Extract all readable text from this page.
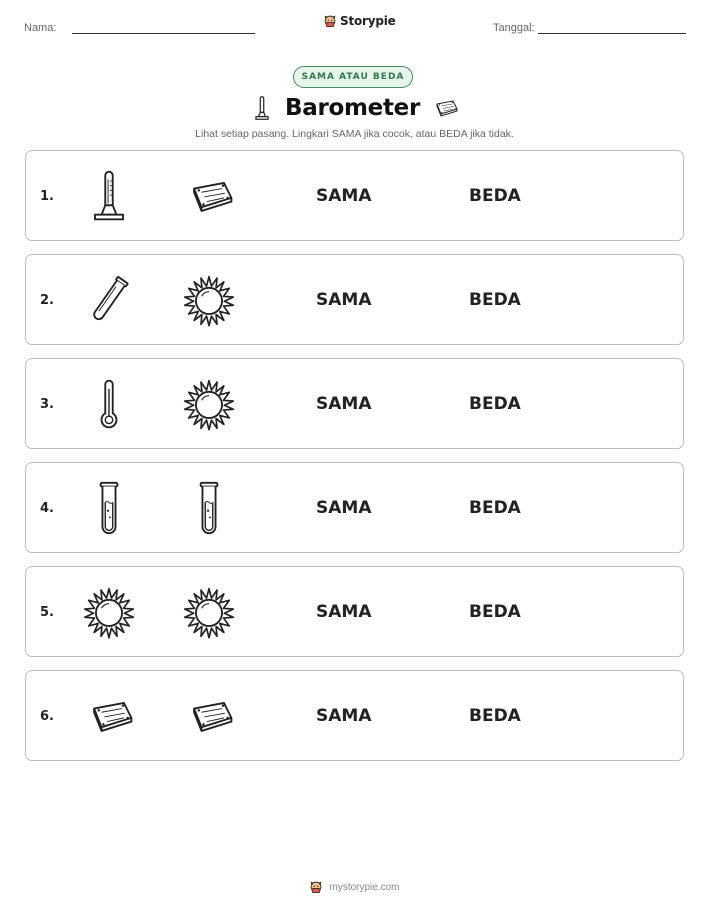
Nama:	Storypie	Tanggal:
SAMA ATAU BEDA
Barometer
Lihat setiap pasang. Lingkari SAMA jika cocok, atau BEDA jika tidak.
1.	SAMA	BEDA
2.	SAMA	BEDA
3.	SAMA	BEDA
4.	SAMA	BEDA
5.	SAMA	BEDA
6.	SAMA	BEDA
mystorypie.com
